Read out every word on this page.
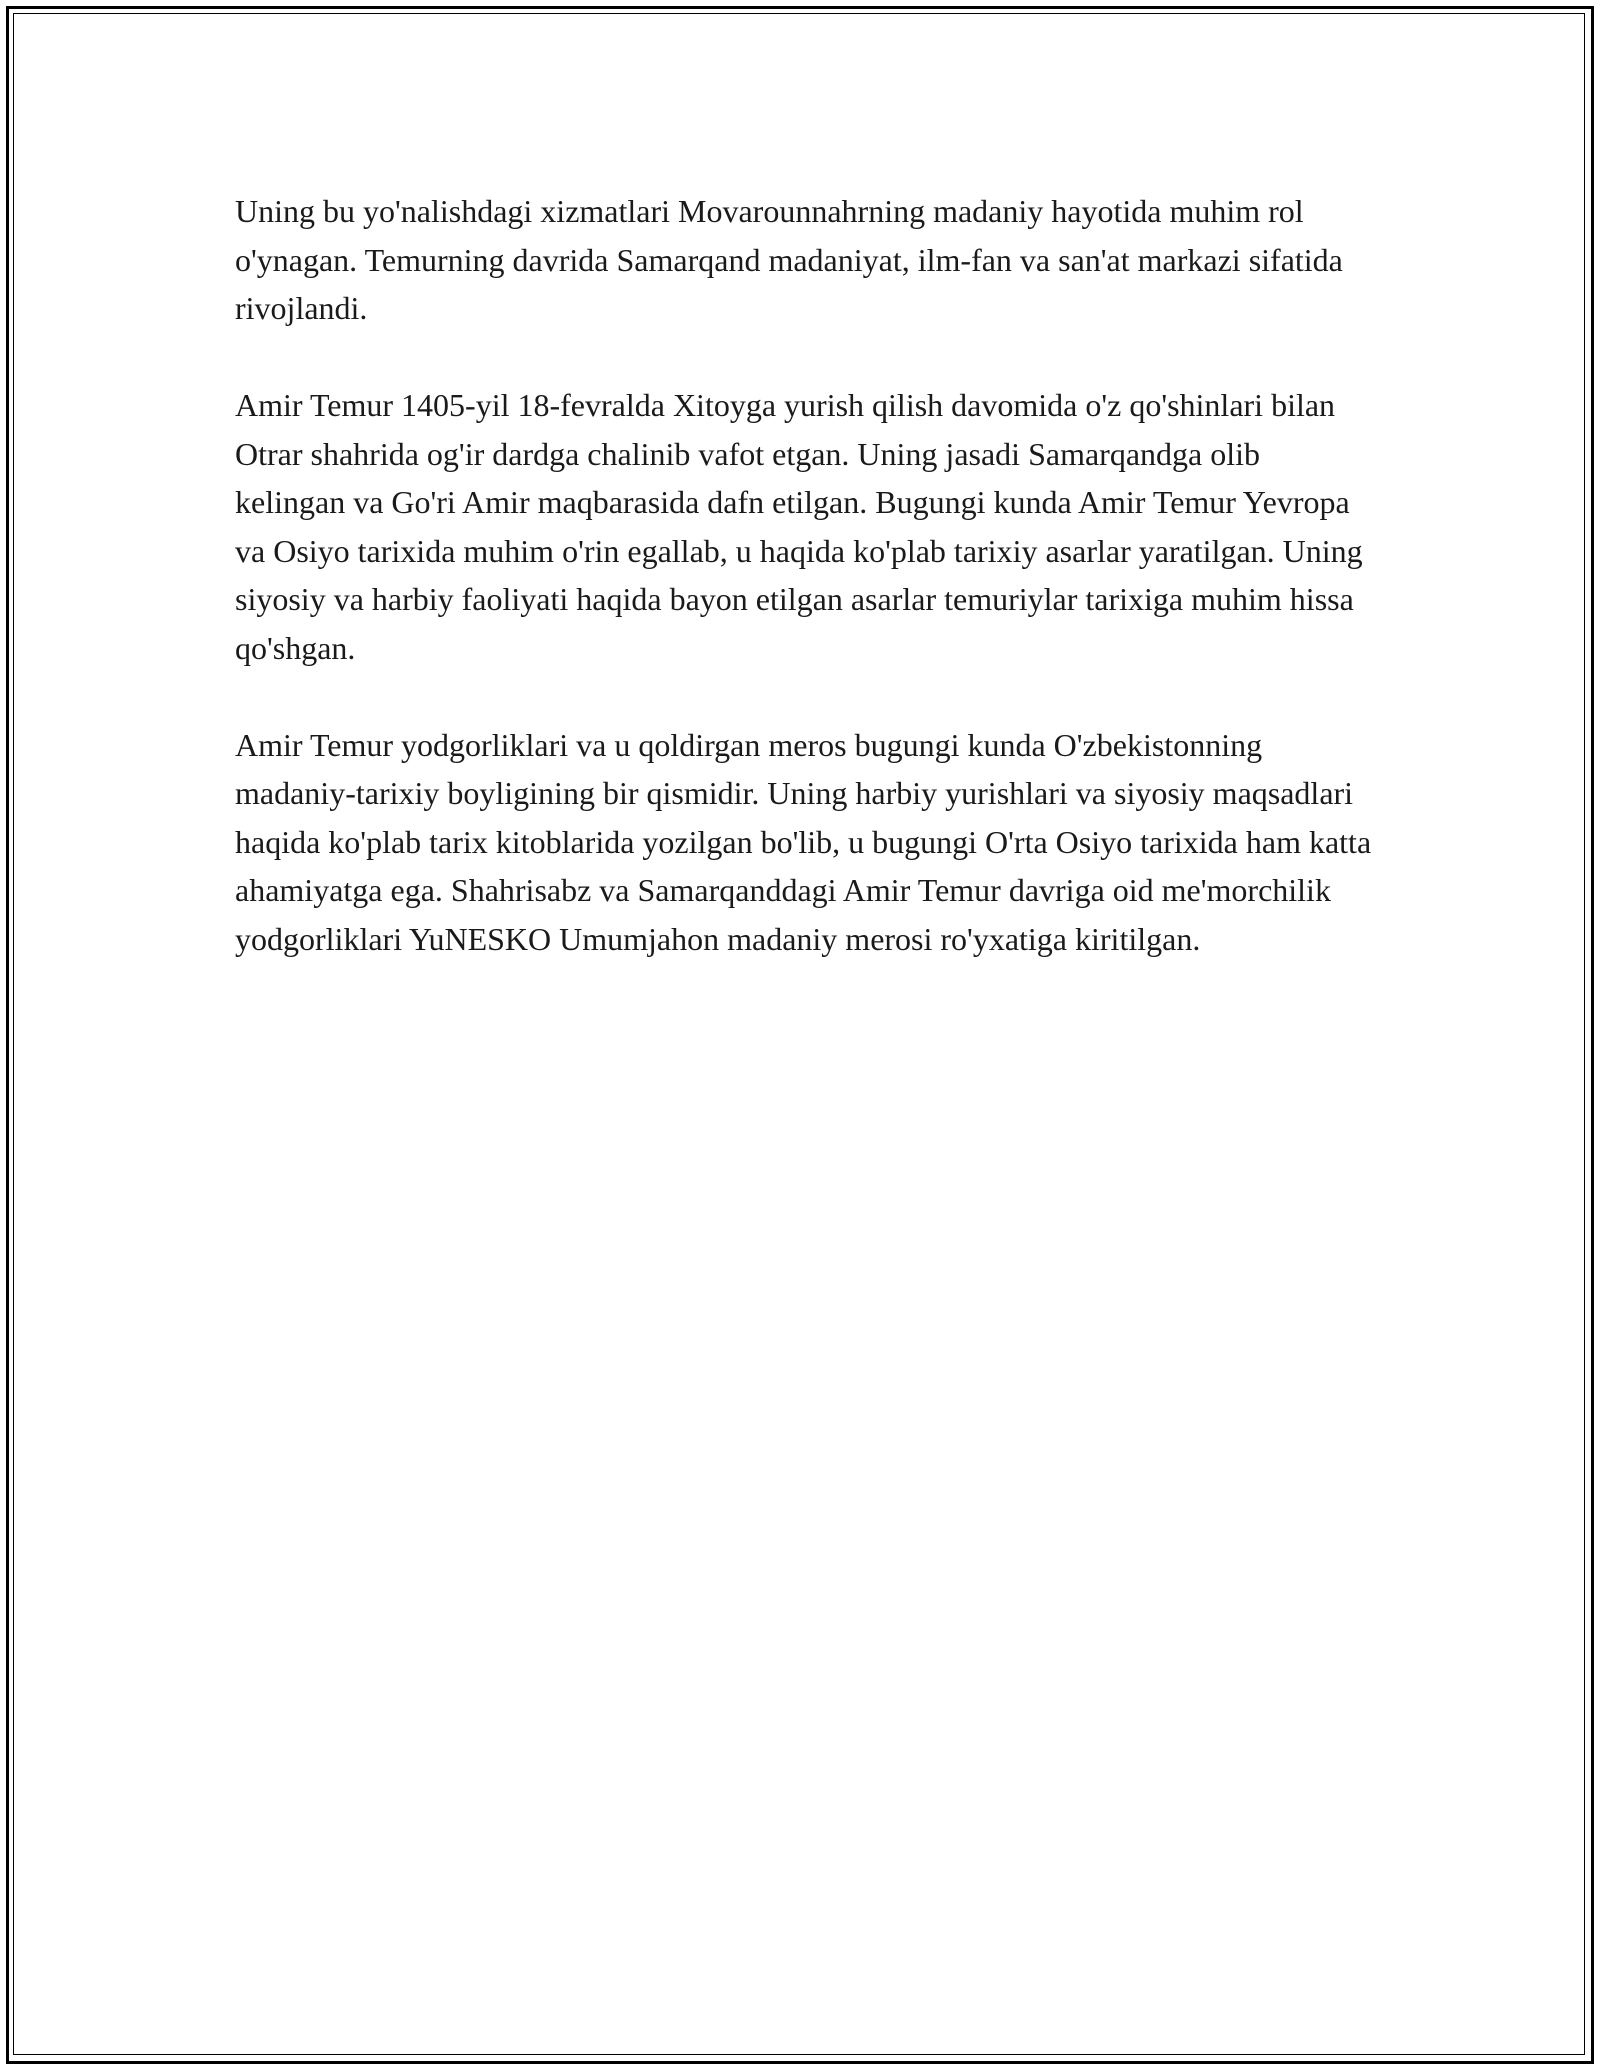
Uning bu yo'nalishdagi xizmatlari Movarounnahrning madaniy hayotida muhim rol o'ynagan. Temurning davrida Samarqand madaniyat, ilm-fan va san'at markazi sifatida rivojlandi.

Amir Temur 1405-yil 18-fevralda Xitoyga yurish qilish davomida o'z qo'shinlari bilan Otrar shahrida og'ir dardga chalinib vafot etgan. Uning jasadi Samarqandga olib kelingan va Go'ri Amir maqbarasida dafn etilgan. Bugungi kunda Amir Temur Yevropa va Osiyo tarixida muhim o'rin egallab, u haqida ko'plab tarixiy asarlar yaratilgan. Uning siyosiy va harbiy faoliyati haqida bayon etilgan asarlar temuriylar tarixiga muhim hissa qo'shgan.

Amir Temur yodgorliklari va u qoldirgan meros bugungi kunda O'zbekistonning madaniy-tarixiy boyligining bir qismidir. Uning harbiy yurishlari va siyosiy maqsadlari haqida ko'plab tarix kitoblarida yozilgan bo'lib, u bugungi O'rta Osiyo tarixida ham katta ahamiyatga ega. Shahrisabz va Samarqanddagi Amir Temur davriga oid me'morchilik yodgorliklari YuNESKO Umumjahon madaniy merosi ro'yxatiga kiritilgan.
